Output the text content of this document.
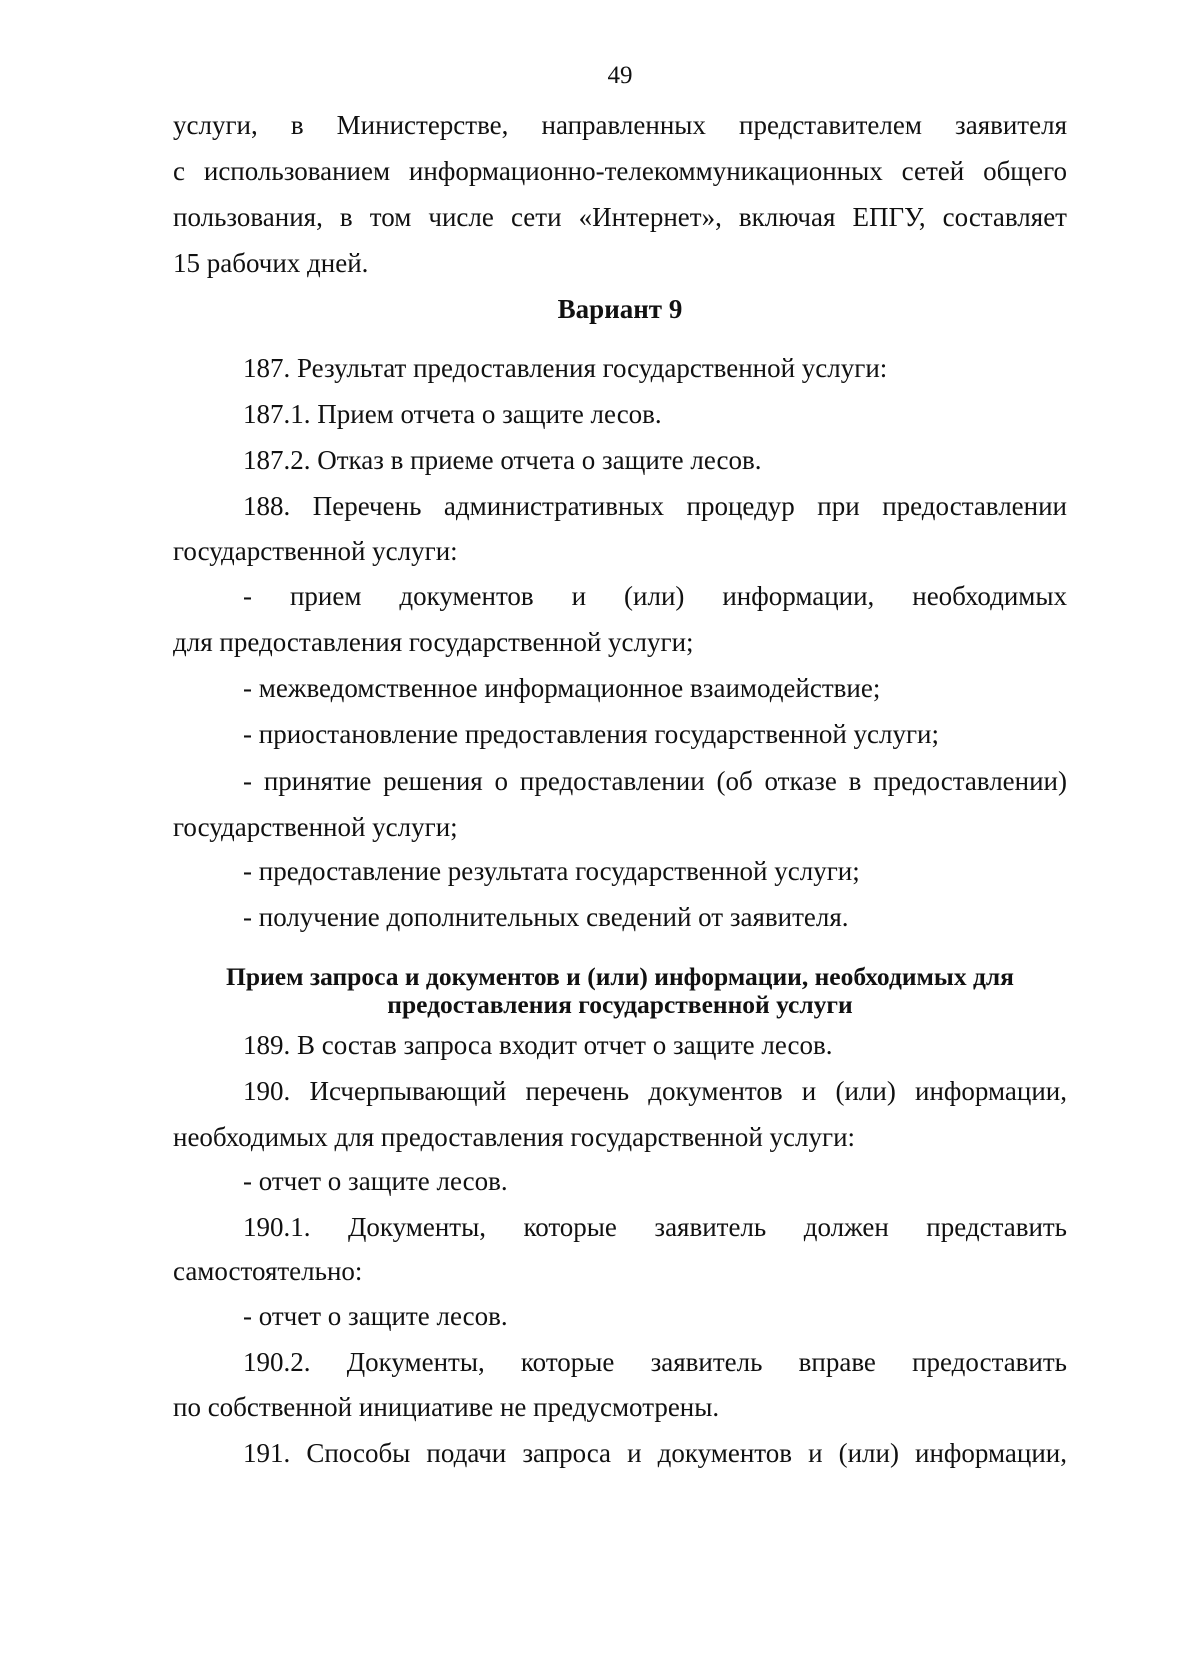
49
услуги, в Министерстве, направленных представителем заявителя
с использованием информационно-телекоммуникационных сетей общего
пользования, в том числе сети «Интернет», включая ЕПГУ, составляет
15 рабочих дней.
Вариант 9
187. Результат предоставления государственной услуги:
187.1. Прием отчета о защите лесов.
187.2. Отказ в приеме отчета о защите лесов.
188. Перечень административных процедур при предоставлении
государственной услуги:
- прием документов и (или) информации, необходимых
для предоставления государственной услуги;
- межведомственное информационное взаимодействие;
- приостановление предоставления государственной услуги;
- принятие решения о предоставлении (об отказе в предоставлении)
государственной услуги;
- предоставление результата государственной услуги;
- получение дополнительных сведений от заявителя.
Прием запроса и документов и (или) информации, необходимых для
предоставления государственной услуги
189. В состав запроса входит отчет о защите лесов.
190. Исчерпывающий перечень документов и (или) информации,
необходимых для предоставления государственной услуги:
- отчет о защите лесов.
190.1. Документы, которые заявитель должен представить
самостоятельно:
- отчет о защите лесов.
190.2. Документы, которые заявитель вправе предоставить
по собственной инициативе не предусмотрены.
191. Способы подачи запроса и документов и (или) информации,
